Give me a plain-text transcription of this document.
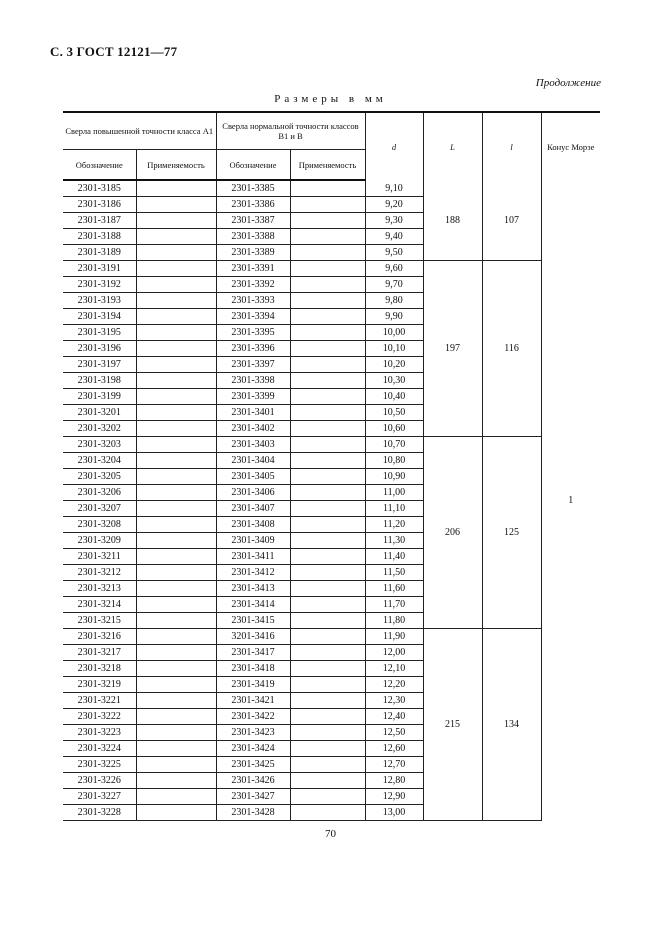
С. 3 ГОСТ 12121—77
Продолжение
Размеры в мм
Сверла повышенной точности класса А1		Сверла нормальной точности классов В1 и В		d	L	l	Конус Морзе
Обозначение	Применяемость	Обозначение	Применяемость				
2301-3185		2301-3385		9,10	188	107	1
2301-3186		2301-3386		9,20			
2301-3187		2301-3387		9,30			
2301-3188		2301-3388		9,40			
2301-3189		2301-3389		9,50			
2301-3191		2301-3391		9,60	197	116	
2301-3192		2301-3392		9,70			
2301-3193		2301-3393		9,80			
2301-3194		2301-3394		9,90			
2301-3195		2301-3395		10,00			
2301-3196		2301-3396		10,10			
2301-3197		2301-3397		10,20			
2301-3198		2301-3398		10,30			
2301-3199		2301-3399		10,40			
2301-3201		2301-3401		10,50			
2301-3202		2301-3402		10,60			
2301-3203		2301-3403		10,70	206	125	
2301-3204		2301-3404		10,80			
2301-3205		2301-3405		10,90			
2301-3206		2301-3406		11,00			
2301-3207		2301-3407		11,10			
2301-3208		2301-3408		11,20			
2301-3209		2301-3409		11,30			
2301-3211		2301-3411		11,40			
2301-3212		2301-3412		11,50			
2301-3213		2301-3413		11,60			
2301-3214		2301-3414		11,70			
2301-3215		2301-3415		11,80			
2301-3216		3201-3416		11,90	215	134	
2301-3217		2301-3417		12,00			
2301-3218		2301-3418		12,10			
2301-3219		2301-3419		12,20			
2301-3221		2301-3421		12,30			
2301-3222		2301-3422		12,40			
2301-3223		2301-3423		12,50			
2301-3224		2301-3424		12,60			
2301-3225		2301-3425		12,70			
2301-3226		2301-3426		12,80			
2301-3227		2301-3427		12,90			
2301-3228		2301-3428		13,00			
70
